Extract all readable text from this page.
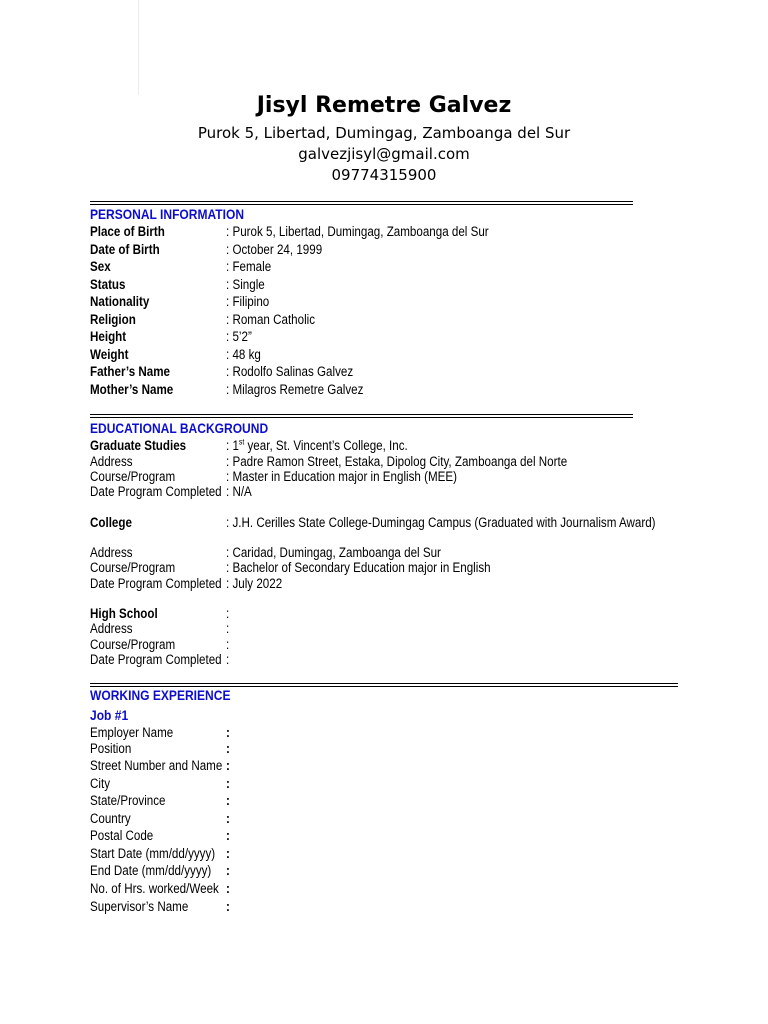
Jisyl Remetre Galvez
Purok 5, Libertad, Dumingag, Zamboanga del Sur
galvezjisyl@gmail.com
09774315900
PERSONAL INFORMATION
Place of Birth	: Purok 5, Libertad, Dumingag, Zamboanga del Sur
Date of Birth	: October 24, 1999
Sex	: Female
Status	: Single
Nationality	: Filipino
Religion	: Roman Catholic
Height	: 5’2”
Weight	: 48 kg
Father’s Name	: Rodolfo Salinas Galvez
Mother’s Name	: Milagros Remetre Galvez
EDUCATIONAL BACKGROUND
Graduate Studies	: 1st year, St. Vincent’s College, Inc.
Address	: Padre Ramon Street, Estaka, Dipolog City, Zamboanga del Norte
Course/Program	: Master in Education major in English (MEE)
Date Program Completed : N/A
College	: J.H. Cerilles State College-Dumingag Campus (Graduated with Journalism Award)
Address	: Caridad, Dumingag, Zamboanga del Sur
Course/Program	: Bachelor of Secondary Education major in English
Date Program Completed : July 2022
High School	:
Address	:
Course/Program	:
Date Program Completed :
WORKING EXPERIENCE
Job #1
Employer Name	:
Position	:
Street Number and Name :
City	:
State/Province	:
Country	:
Postal Code	:
Start Date (mm/dd/yyyy) :
End Date (mm/dd/yyyy) :
No. of Hrs. worked/Week :
Supervisor’s Name	:
